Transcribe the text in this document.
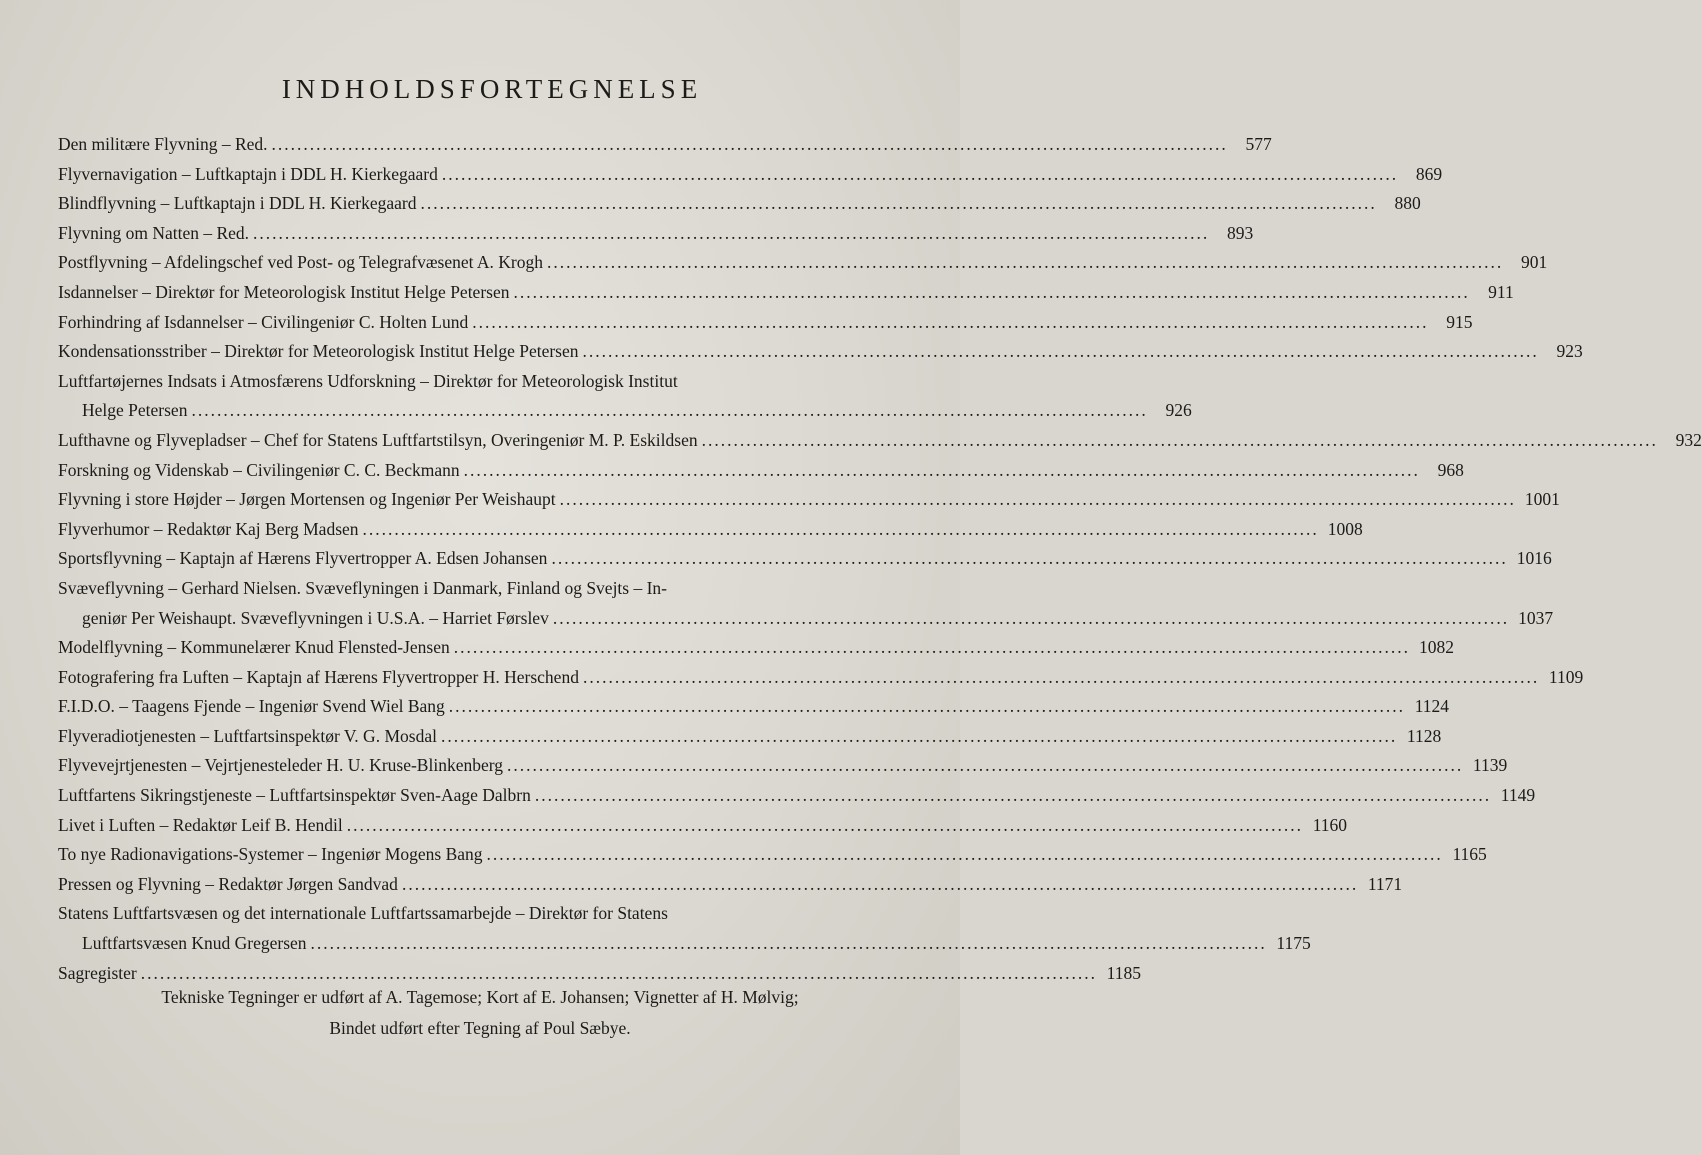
INDHOLDSFORTEGNELSE
Den militære Flyvning – Red. ......................................................................................................................................................	577
Flyvernavigation – Luftkaptajn i DDL H. Kierkegaard ......................................................................................................................................................	869
Blindflyvning – Luftkaptajn i DDL H. Kierkegaard ......................................................................................................................................................	880
Flyvning om Natten – Red. ......................................................................................................................................................	893
Postflyvning – Afdelingschef ved Post- og Telegrafvæsenet A. Krogh ......................................................................................................................................................	901
Isdannelser – Direktør for Meteorologisk Institut Helge Petersen ......................................................................................................................................................	911
Forhindring af Isdannelser – Civilingeniør C. Holten Lund ......................................................................................................................................................	915
Kondensationsstriber – Direktør for Meteorologisk Institut Helge Petersen ......................................................................................................................................................	923
Luftfartøjernes Indsats i Atmosfærens Udforskning – Direktør for Meteorologisk Institut
Helge Petersen ......................................................................................................................................................	926
Lufthavne og Flyvepladser – Chef for Statens Luftfartstilsyn, Overingeniør M. P. Eskildsen ......................................................................................................................................................	932
Forskning og Videnskab – Civilingeniør C. C. Beckmann ......................................................................................................................................................	968
Flyvning i store Højder – Jørgen Mortensen og Ingeniør Per Weishaupt ...................................................................................................................................................... 1001
Flyverhumor – Redaktør Kaj Berg Madsen ...................................................................................................................................................... 1008
Sportsflyvning – Kaptajn af Hærens Flyvertropper A. Edsen Johansen ...................................................................................................................................................... 1016
Svæveflyvning – Gerhard Nielsen. Svæveflyningen i Danmark, Finland og Svejts – In-
geniør Per Weishaupt. Svæveflyvningen i U.S.A. – Harriet Førslev ...................................................................................................................................................... 1037
Modelflyvning – Kommunelærer Knud Flensted-Jensen ...................................................................................................................................................... 1082
Fotografering fra Luften – Kaptajn af Hærens Flyvertropper H. Herschend ...................................................................................................................................................... 1109
F.I.D.O. – Taagens Fjende – Ingeniør Svend Wiel Bang ...................................................................................................................................................... 1124
Flyveradiotjenesten – Luftfartsinspektør V. G. Mosdal ...................................................................................................................................................... 1128
Flyvevejrtjenesten – Vejrtjenesteleder H. U. Kruse-Blinkenberg ...................................................................................................................................................... 1139
Luftfartens Sikringstjeneste – Luftfartsinspektør Sven-Aage Dalbrn ...................................................................................................................................................... 1149
Livet i Luften – Redaktør Leif B. Hendil ...................................................................................................................................................... 1160
To nye Radionavigations-Systemer – Ingeniør Mogens Bang ...................................................................................................................................................... 1165
Pressen og Flyvning – Redaktør Jørgen Sandvad ...................................................................................................................................................... 1171
Statens Luftfartsvæsen og det internationale Luftfartssamarbejde – Direktør for Statens
Luftfartsvæsen Knud Gregersen ...................................................................................................................................................... 1175
Sagregister ...................................................................................................................................................... 1185
Tekniske Tegninger er udført af A. Tagemose; Kort af E. Johansen; Vignetter af H. Mølvig;
Bindet udført efter Tegning af Poul Sæbye.
